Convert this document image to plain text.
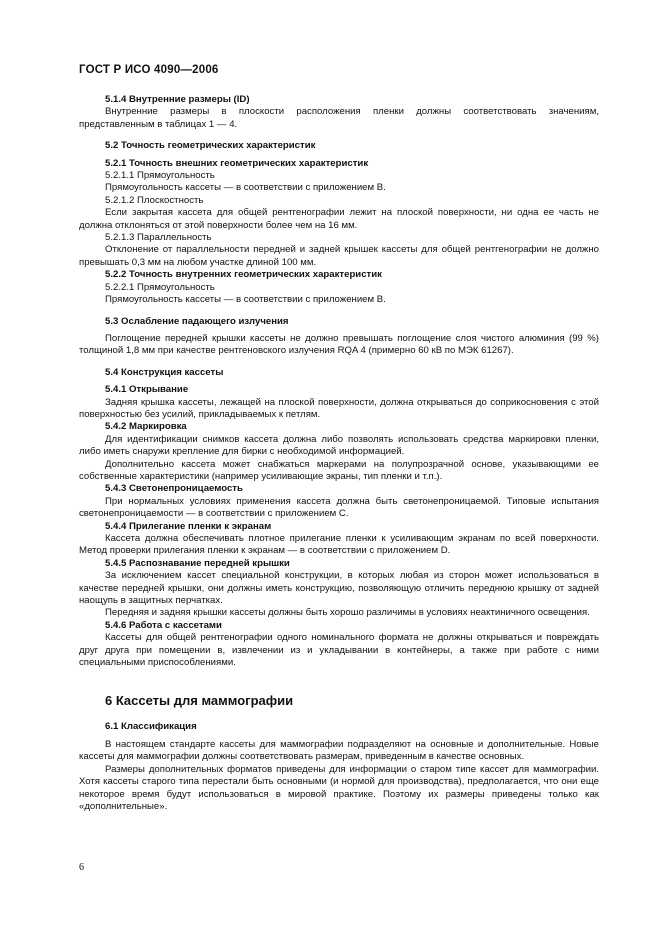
ГОСТ Р ИСО 4090—2006

5.1.4 Внутренние размеры (ID)

Внутренние размеры в плоскости расположения пленки должны соответствовать значениям, представленным в таблицах 1 — 4.

5.2 Точность геометрических характеристик

5.2.1 Точность внешних геометрических характеристик

5.2.1.1 Прямоугольность

Прямоугольность кассеты — в соответствии с приложением В.

5.2.1.2 Плоскостность

Если закрытая кассета для общей рентгенографии лежит на плоской поверхности, ни одна ее часть не должна отклоняться от этой поверхности более чем на 16 мм.

5.2.1.3 Параллельность

Отклонение от параллельности передней и задней крышек кассеты для общей рентгенографии не должно превышать 0,3 мм на любом участке длиной 100 мм.

5.2.2 Точность внутренних геометрических характеристик

5.2.2.1 Прямоугольность

Прямоугольность кассеты — в соответствии с приложением В.

5.3 Ослабление падающего излучения

Поглощение передней крышки кассеты не должно превышать поглощение слоя чистого алюминия (99 %) толщиной 1,8 мм при качестве рентгеновского излучения RQA 4 (примерно 60 кВ по МЭК 61267).

5.4 Конструкция кассеты

5.4.1 Открывание

Задняя крышка кассеты, лежащей на плоской поверхности, должна открываться до соприкосновения с этой поверхностью без усилий, прикладываемых к петлям.

5.4.2 Маркировка

Для идентификации снимков кассета должна либо позволять использовать средства маркировки пленки, либо иметь снаружи крепление для бирки с необходимой информацией.

Дополнительно кассета может снабжаться маркерами на полупрозрачной основе, указывающими ее собственные характеристики (например усиливающие экраны, тип пленки и т.п.).

5.4.3 Светонепроницаемость

При нормальных условиях применения кассета должна быть светонепроницаемой. Типовые испытания светонепроницаемости — в соответствии с приложением С.

5.4.4 Прилегание пленки к экранам

Кассета должна обеспечивать плотное прилегание пленки к усиливающим экранам по всей поверхности. Метод проверки прилегания пленки к экранам — в соответствии с приложением D.

5.4.5 Распознавание передней крышки

За исключением кассет специальной конструкции, в которых любая из сторон может использоваться в качестве передней крышки, они должны иметь конструкцию, позволяющую отличить переднюю крышку от задней наощупь в защитных перчатках.

Передняя и задняя крышки кассеты должны быть хорошо различимы в условиях неактиничного освещения.

5.4.6 Работа с кассетами

Кассеты для общей рентгенографии одного номинального формата не должны открываться и повреждать друг друга при помещении в, извлечении из и укладывании в контейнеры, а также при работе с ними специальными приспособлениями.

6 Кассеты для маммографии

6.1 Классификация

В настоящем стандарте кассеты для маммографии подразделяют на основные и дополнительные. Новые кассеты для маммографии должны соответствовать размерам, приведенным в качестве основных.

Размеры дополнительных форматов приведены для информации о старом типе кассет для маммографии. Хотя кассеты старого типа перестали быть основными (и нормой для производства), предполагается, что они еще некоторое время будут использоваться в мировой практике. Поэтому их размеры приведены только как «дополнительные».

6
